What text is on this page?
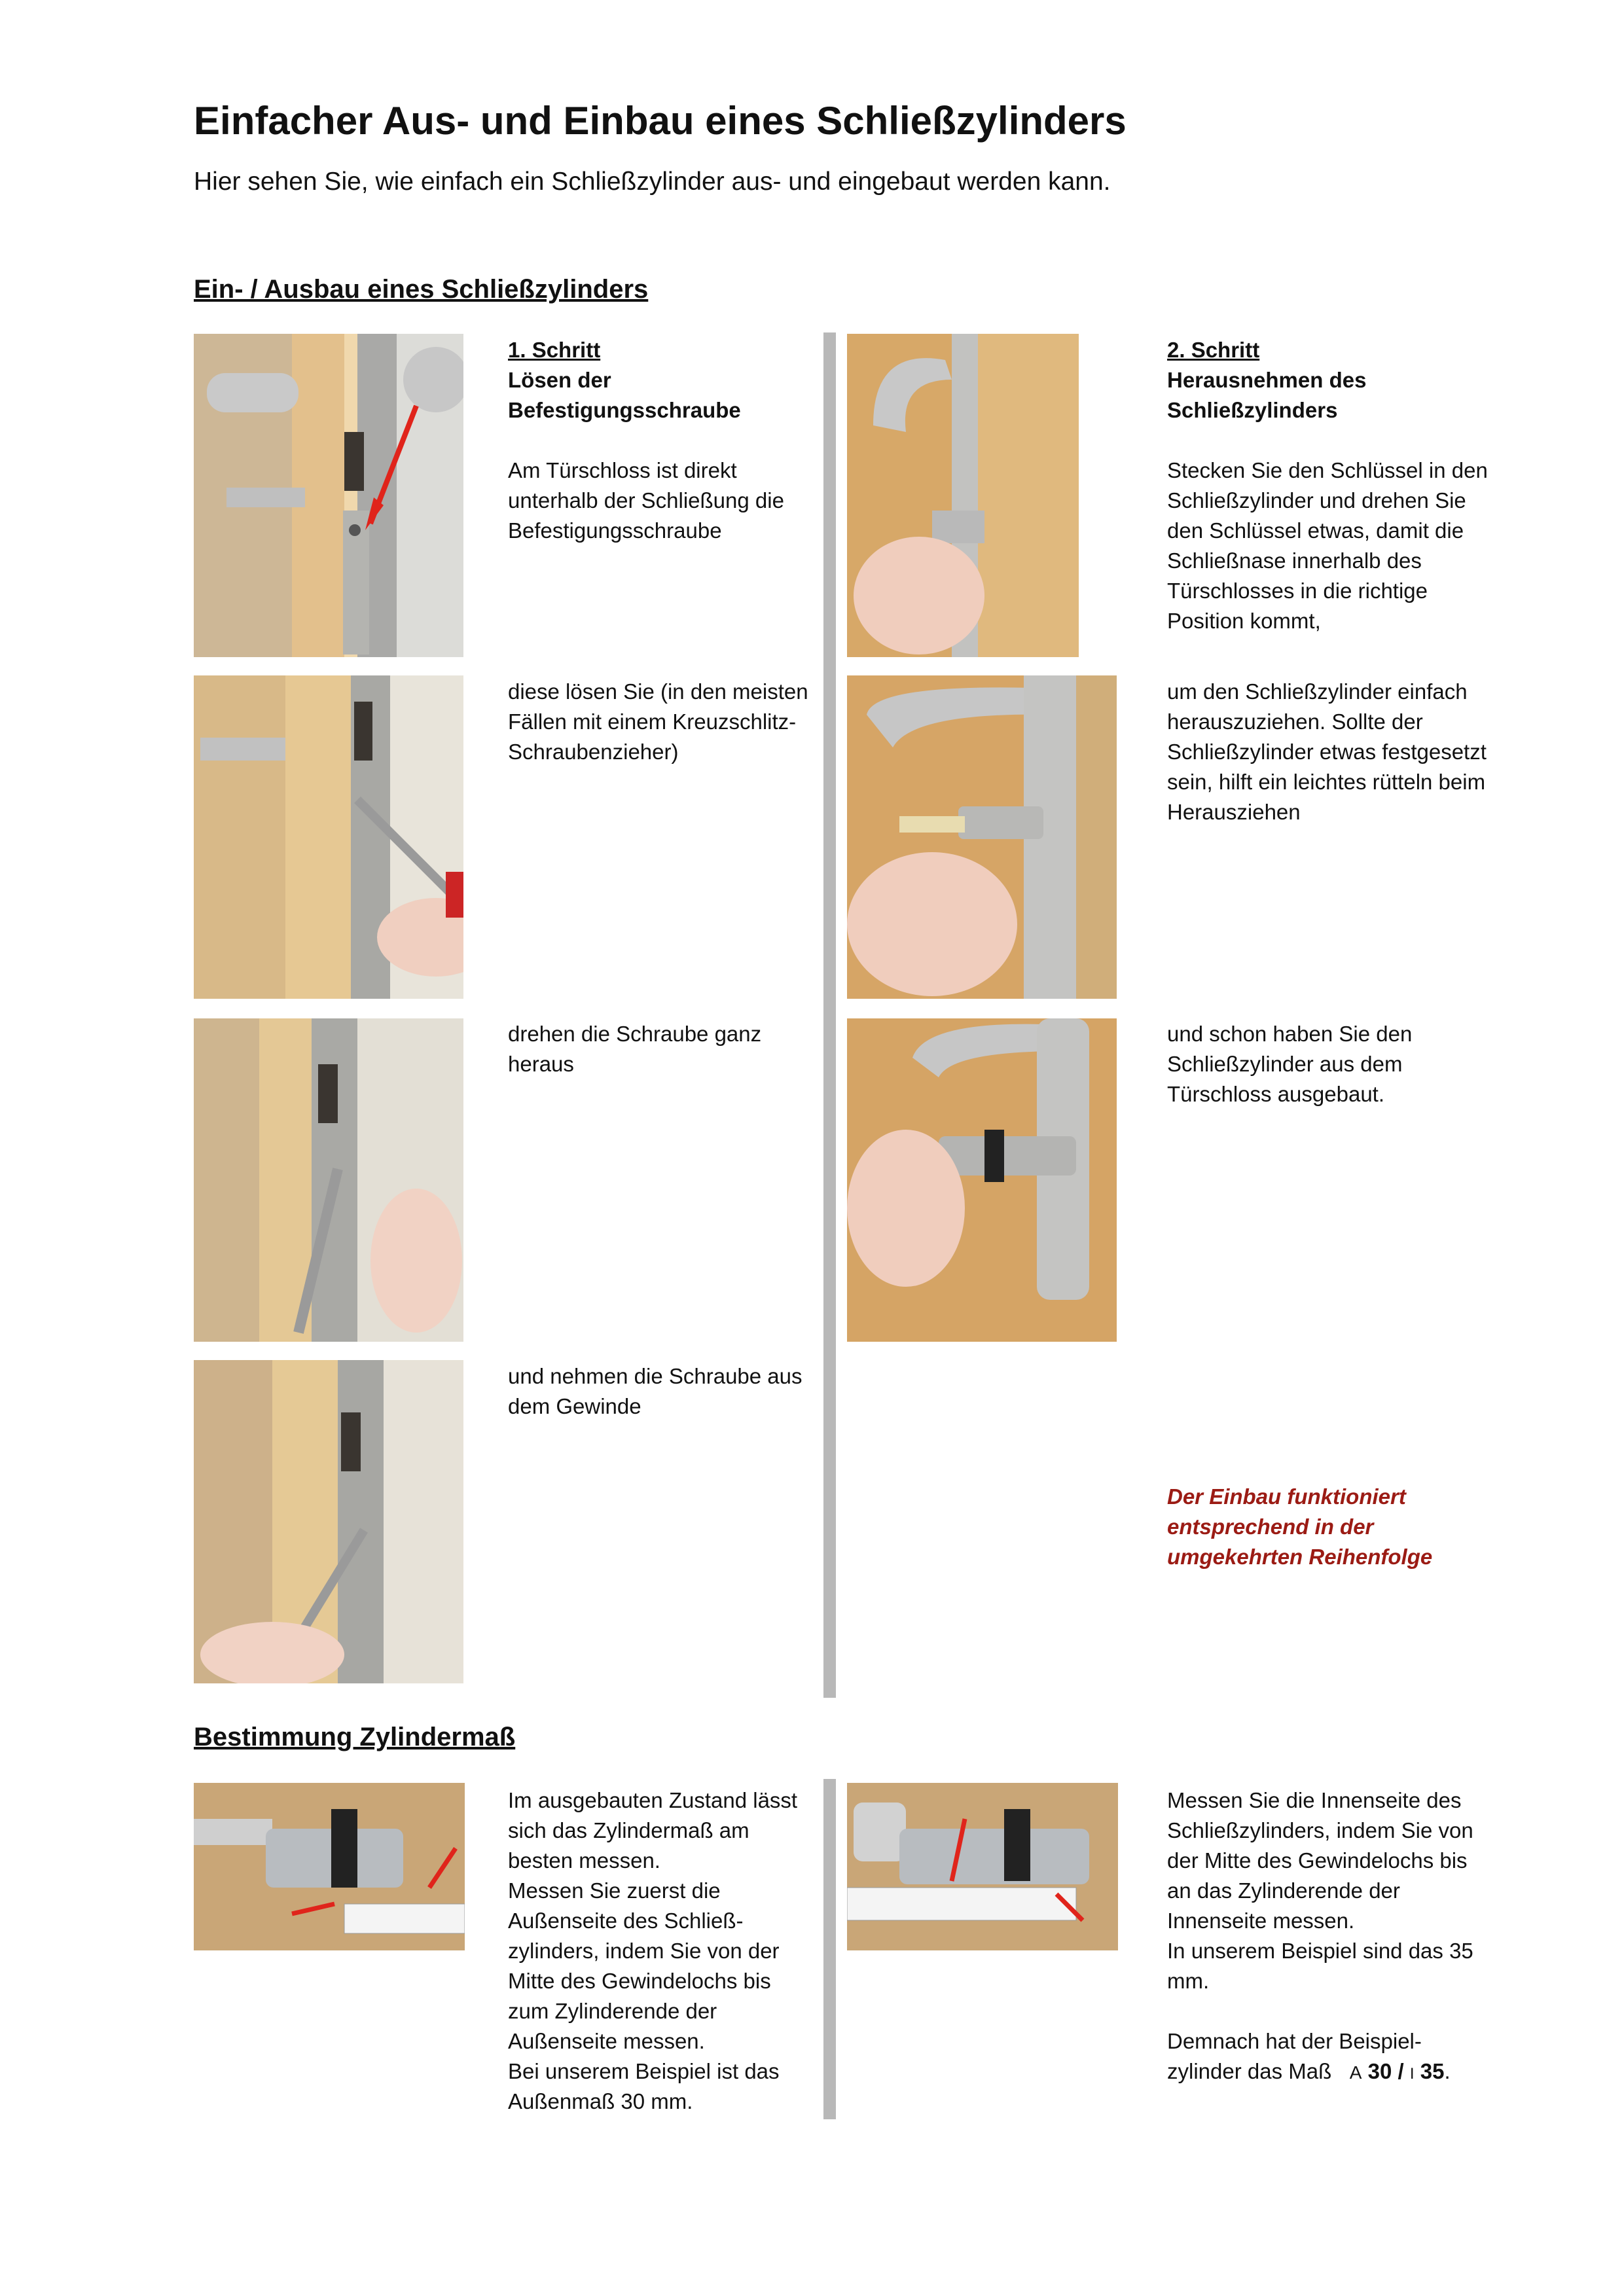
Einfacher Aus- und Einbau eines Schließzylinders
Hier sehen Sie, wie einfach ein Schließzylinder aus- und eingebaut werden kann.
Ein- / Ausbau eines Schließzylinders
1. Schritt
Lösen der
Befestigungsschraube
Am Türschloss ist direkt unterhalb der Schließung die Befestigungsschraube
diese lösen Sie (in den meisten Fällen mit einem Kreuzschlitz-Schraubenzieher)
drehen die Schraube ganz heraus
und nehmen die Schraube aus dem Gewinde
2. Schritt
Herausnehmen des
Schließzylinders
Stecken Sie den Schlüssel in den Schließzylinder und drehen Sie den Schlüssel etwas, damit die Schließnase innerhalb des Türschlosses in die richtige Position kommt,
um den Schließzylinder einfach herauszuziehen. Sollte der Schließzylinder etwas festgesetzt sein, hilft ein leichtes rütteln beim Herausziehen
und schon haben Sie den Schließzylinder aus dem Türschloss ausgebaut.
Der Einbau funktioniert
entsprechend in der
umgekehrten Reihenfolge
Bestimmung Zylindermaß
Im ausgebauten Zustand lässt
sich das Zylindermaß am
besten messen.
Messen Sie zuerst die
Außenseite des Schließ-
zylinders, indem Sie von der
Mitte des Gewindelochs bis
zum Zylinderende der
Außenseite messen.
Bei unserem Beispiel ist das
Außenmaß 30 mm.
Messen Sie die Innenseite des
Schließzylinders, indem Sie von
der Mitte des Gewindelochs bis
an das Zylinderende der
Innenseite messen.
In unserem Beispiel sind das 35
mm.
Demnach hat der Beispiel-
zylinder das Maß A 30 / I 35.
